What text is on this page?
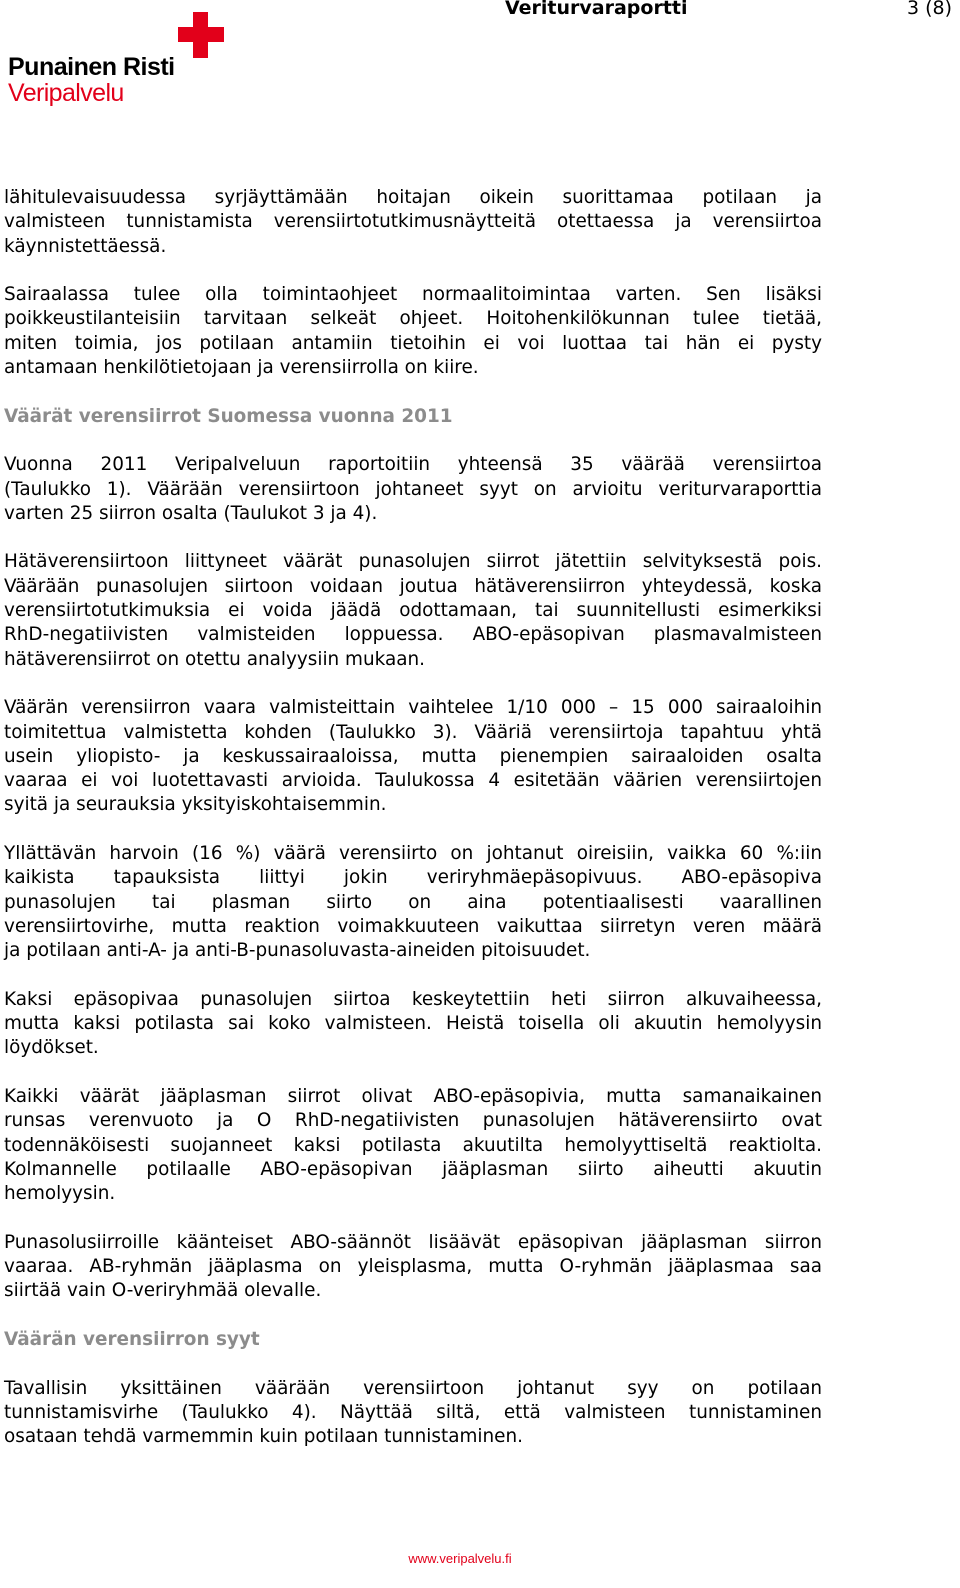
Veriturvaraportti	3 (8)
Punainen Risti
Veripalvelu
lähitulevaisuudessa syrjäyttämään hoitajan oikein suorittamaa potilaan ja
valmisteen tunnistamista verensiirtotutkimusnäytteitä otettaessa ja verensiirtoa
käynnistettäessä.
Sairaalassa tulee olla toimintaohjeet normaalitoimintaa varten. Sen lisäksi
poikkeustilanteisiin tarvitaan selkeät ohjeet. Hoitohenkilökunnan tulee tietää,
miten toimia, jos potilaan antamiin tietoihin ei voi luottaa tai hän ei pysty
antamaan henkilötietojaan ja verensiirrolla on kiire.
Väärät verensiirrot Suomessa vuonna 2011
Vuonna 2011 Veripalveluun raportoitiin yhteensä 35 väärää verensiirtoa
(Taulukko 1). Väärään verensiirtoon johtaneet syyt on arvioitu veriturvaraporttia
varten 25 siirron osalta (Taulukot 3 ja 4).
Hätäverensiirtoon liittyneet väärät punasolujen siirrot jätettiin selvityksestä pois.
Väärään punasolujen siirtoon voidaan joutua hätäverensiirron yhteydessä, koska
verensiirtotutkimuksia ei voida jäädä odottamaan, tai suunnitellusti esimerkiksi
RhD-negatiivisten valmisteiden loppuessa. ABO-epäsopivan plasmavalmisteen
hätäverensiirrot on otettu analyysiin mukaan.
Väärän verensiirron vaara valmisteittain vaihtelee 1/10 000 – 15 000 sairaaloihin
toimitettua valmistetta kohden (Taulukko 3). Vääriä verensiirtoja tapahtuu yhtä
usein yliopisto- ja keskussairaaloissa, mutta pienempien sairaaloiden osalta
vaaraa ei voi luotettavasti arvioida. Taulukossa 4 esitetään väärien verensiirtojen
syitä ja seurauksia yksityiskohtaisemmin.
Yllättävän harvoin (16 %) väärä verensiirto on johtanut oireisiin, vaikka 60 %:iin
kaikista tapauksista liittyi jokin veriryhmäepäsopivuus. ABO-epäsopiva
punasolujen tai plasman siirto on aina potentiaalisesti vaarallinen
verensiirtovirhe, mutta reaktion voimakkuuteen vaikuttaa siirretyn veren määrä
ja potilaan anti-A- ja anti-B-punasoluvasta-aineiden pitoisuudet.
Kaksi epäsopivaa punasolujen siirtoa keskeytettiin heti siirron alkuvaiheessa,
mutta kaksi potilasta sai koko valmisteen. Heistä toisella oli akuutin hemolyysin
löydökset.
Kaikki väärät jääplasman siirrot olivat ABO-epäsopivia, mutta samanaikainen
runsas verenvuoto ja O RhD-negatiivisten punasolujen hätäverensiirto ovat
todennäköisesti suojanneet kaksi potilasta akuutilta hemolyyttiseltä reaktiolta.
Kolmannelle potilaalle ABO-epäsopivan jääplasman siirto aiheutti akuutin
hemolyysin.
Punasolusiirroille käänteiset ABO-säännöt lisäävät epäsopivan jääplasman siirron
vaaraa. AB-ryhmän jääplasma on yleisplasma, mutta O-ryhmän jääplasmaa saa
siirtää vain O-veriryhmää olevalle.
Väärän verensiirron syyt
Tavallisin yksittäinen väärään verensiirtoon johtanut syy on potilaan
tunnistamisvirhe (Taulukko 4). Näyttää siltä, että valmisteen tunnistaminen
osataan tehdä varmemmin kuin potilaan tunnistaminen.
www.veripalvelu.fi
